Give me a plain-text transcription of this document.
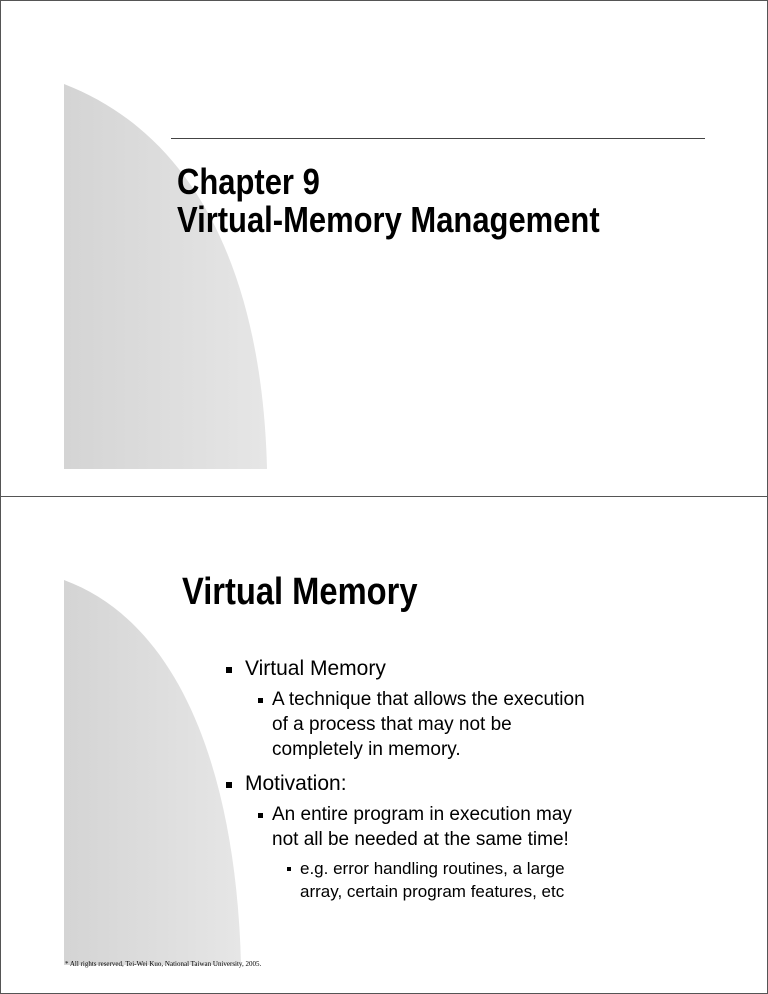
Chapter 9
Virtual-Memory Management
Virtual Memory
Virtual Memory
A technique that allows the execution
of a process that may not be
completely in memory.
Motivation:
An entire program in execution may
not all be needed at the same time!
e.g. error handling routines, a large
array, certain program features, etc
* All rights reserved, Tei-Wei Kuo, National Taiwan University, 2005.
